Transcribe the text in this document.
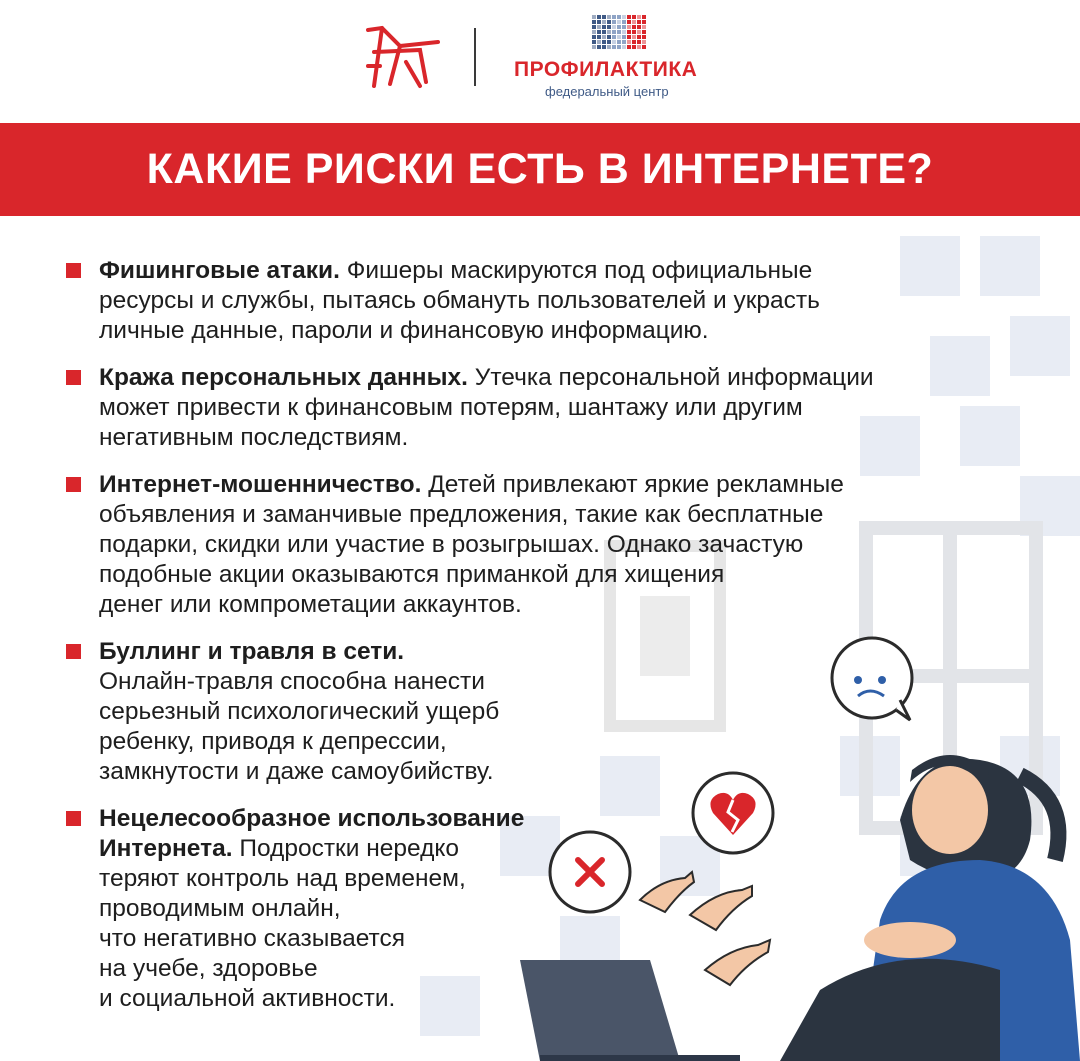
ПРОФИЛАКТИКА
федеральный центр
КАКИЕ РИСКИ ЕСТЬ В ИНТЕРНЕТЕ?
Фишинговые атаки. Фишеры маскируются под официальные
ресурсы и службы, пытаясь обмануть пользователей и украсть
личные данные, пароли и финансовую информацию.
Кража персональных данных. Утечка персональной информации
может привести к финансовым потерям, шантажу или другим
негативным последствиям.
Интернет-мошенничество. Детей привлекают яркие рекламные
объявления и заманчивые предложения, такие как бесплатные
подарки, скидки или участие в розыгрышах. Однако зачастую
подобные акции оказываются приманкой для хищения
денег или компрометации аккаунтов.
Буллинг и травля в сети.
Онлайн-травля способна нанести
серьезный психологический ущерб
ребенку, приводя к депрессии,
замкнутости и даже самоубийству.
Нецелесообразное использование
Интернета. Подростки нередко
теряют контроль над временем,
проводимым онлайн,
что негативно сказывается
на учебе, здоровье
и социальной активности.
